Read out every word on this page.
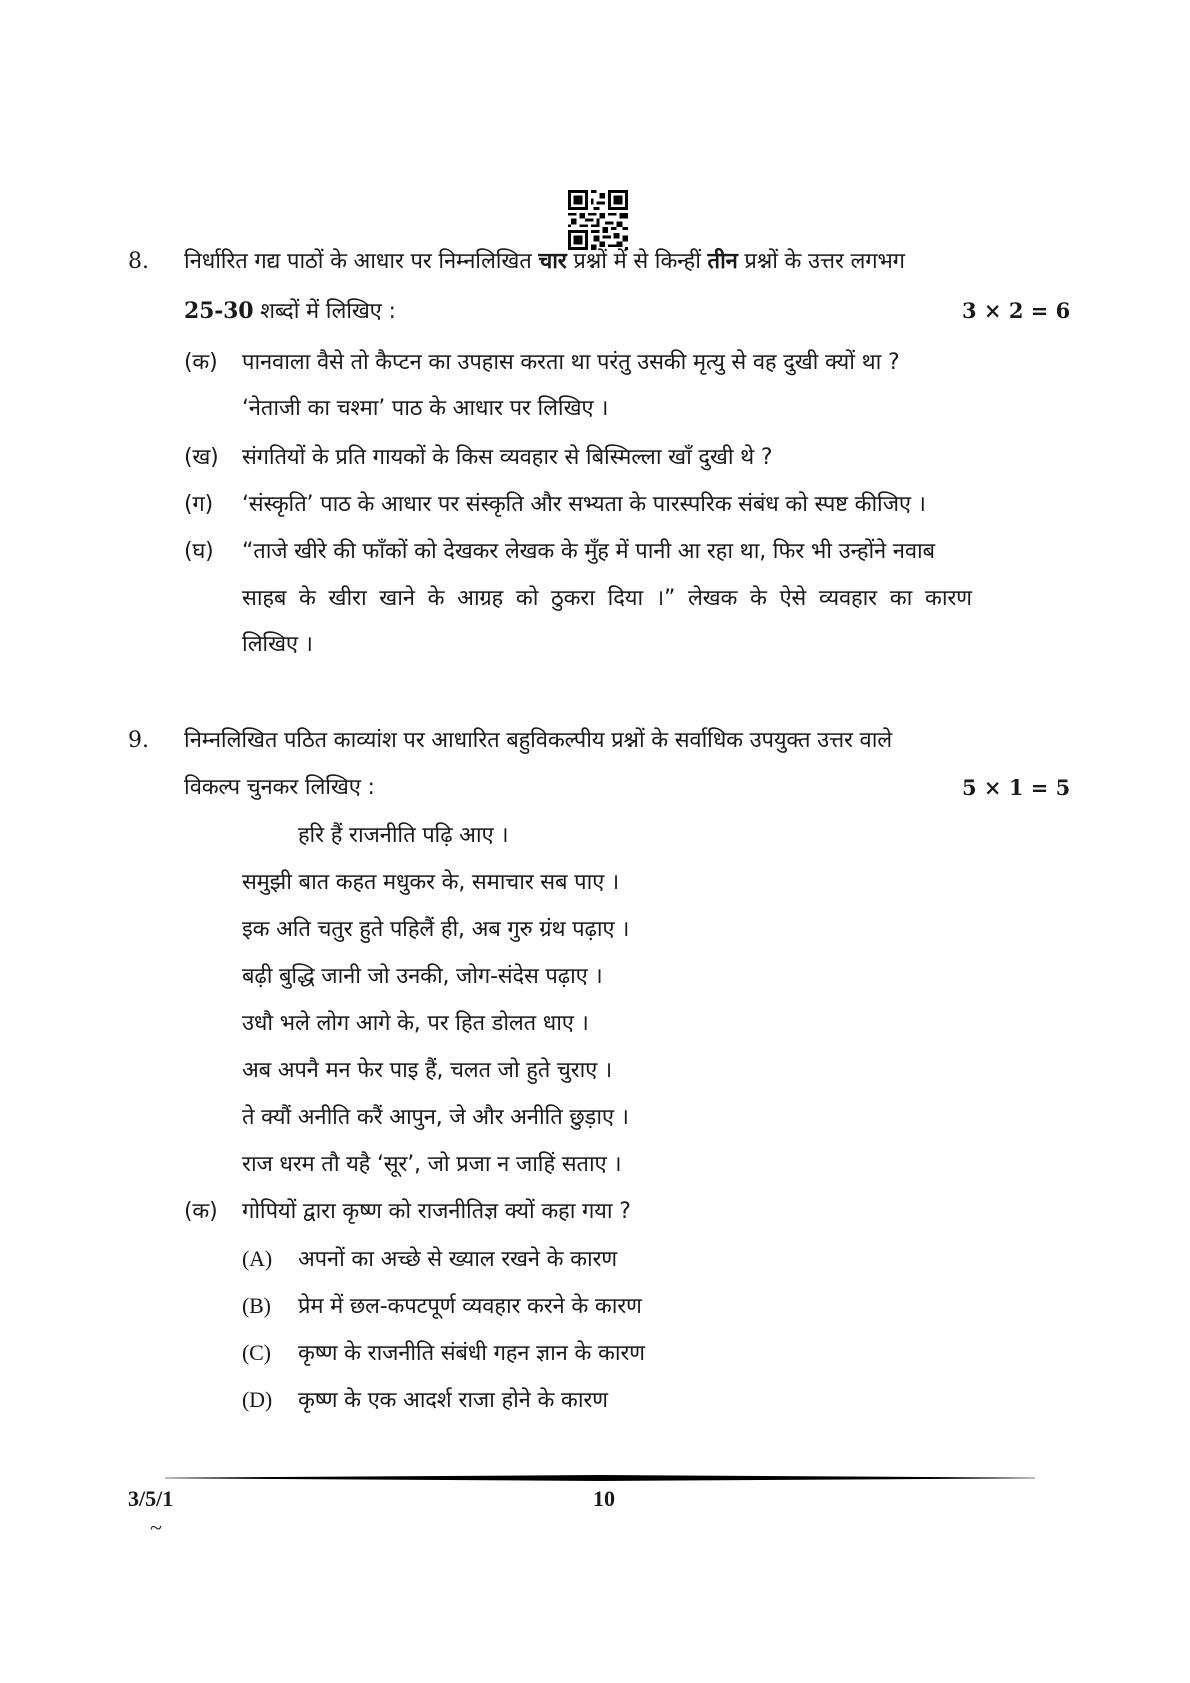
8. निर्धारित गद्य पाठों के आधार पर निम्नलिखित चार प्रश्नों में से किन्हीं तीन प्रश्नों के उत्तर लगभग
25-30 शब्दों में लिखिए :	3 × 2 = 6
(क) पानवाला वैसे तो कैप्टन का उपहास करता था परंतु उसकी मृत्यु से वह दुखी क्यों था ?
‘नेताजी का चश्मा’ पाठ के आधार पर लिखिए ।
(ख) संगतियों के प्रति गायकों के किस व्यवहार से बिस्मिल्ला खाँ दुखी थे ?
(ग) ‘संस्कृति’ पाठ के आधार पर संस्कृति और सभ्यता के पारस्परिक संबंध को स्पष्ट कीजिए ।
(घ) “ताजे खीरे की फाँकों को देखकर लेखक के मुँह में पानी आ रहा था, फिर भी उन्होंने नवाब
साहब के खीरा खाने के आग्रह को ठुकरा दिया ।” लेखक के ऐसे व्यवहार का कारण
लिखिए ।
9. निम्नलिखित पठित काव्यांश पर आधारित बहुविकल्पीय प्रश्नों के सर्वाधिक उपयुक्त उत्तर वाले
विकल्प चुनकर लिखिए :	5 × 1 = 5
हरि हैं राजनीति पढ़ि आए ।
समुझी बात कहत मधुकर के, समाचार सब पाए ।
इक अति चतुर हुते पहिलैं ही, अब गुरु ग्रंथ पढ़ाए ।
बढ़ी बुद्धि जानी जो उनकी, जोग-संदेस पढ़ाए ।
उधौ भले लोग आगे के, पर हित डोलत धाए ।
अब अपनै मन फेर पाइ हैं, चलत जो हुते चुराए ।
ते क्यौं अनीति करैं आपुन, जे और अनीति छुड़ाए ।
राज धरम तौ यहै ‘सूर’, जो प्रजा न जाहिं सताए ।
(क) गोपियों द्वारा कृष्ण को राजनीतिज्ञ क्यों कहा गया ?
(A) अपनों का अच्छे से ख्याल रखने के कारण
(B) प्रेम में छल-कपटपूर्ण व्यवहार करने के कारण
(C) कृष्ण के राजनीति संबंधी गहन ज्ञान के कारण
(D) कृष्ण के एक आदर्श राजा होने के कारण
3/5/1	10
~
